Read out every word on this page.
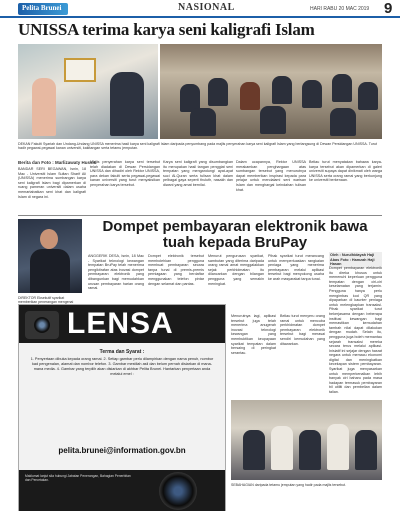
Pelita Brunei	NASIONAL	HARI RABU 20 MAC 2019 9
UNISSA terima karya seni kaligrafi Islam
DEKAN Fakulti Syariah dan Undang-Undang UNISSA menerima hasil karya seni kaligrafi Islam daripada penyumbang pada majlis penyerahan karya seni kaligrafi Islam yang berlangsung di Dewan Persidangan UNISSA. Turut hadir pegawai-pegawai kanan universiti, kakitangan serta tetamu jemputan.
Berita dan Foto : Marlizawaty Hussin
BANDAR SERI BEGAWAN, Isnin, 18 Mac - Universiti Islam Sultan Sharif Ali (UNISSA) menerima sumbangan karya seni kaligrafi Islam bagi dipamerkan di ruang pameran universiti dalam usaha memartabatkan seni khat dan kaligrafi Islam di negara ini.
Majlis penyerahan karya seni tersebut telah diadakan di Dewan Persidangan UNISSA dan dihadiri oleh Rektor UNISSA, para dekan fakulti serta pegawai-pegawai kanan universiti yang turut menyaksikan penyerahan karya tersebut.
Karya seni kaligrafi yang disumbangkan itu merupakan hasil tangan penggiat seni tempatan yang mengandungi ayat-ayat suci Al-Quran serta tulisan khat dalam pelbagai gaya seperti thuluth, nasakh dan diwani yang amat bernilai.
Dalam ucapannya, Rektor UNISSA merakamkan penghargaan atas sumbangan tersebut yang menurutnya dapat memberikan inspirasi kepada para pelajar untuk mendalami seni warisan Islam dan menghargai keindahan tulisan khat.
Beliau turut menyatakan bahawa karya-karya tersebut akan dipamerkan di galeri universiti supaya dapat dinikmati oleh warga UNISSA serta orang ramai yang berkunjung ke universiti berkenaan.
DIREKTOR Eksekutif syarikat memberikan penerangan mengenai
Dompet pembayaran elektronik bawa tuah kepada BruPay
ANGGERIK DESA, Isnin, 18 Mac - Syarikat teknologi kewangan tempatan BruPay telah menerima pengiktirafan atas inovasi dompet pembayaran elektronik yang dibangunkan bagi memudahkan urusan pembayaran harian orang ramai.
Dompet elektronik tersebut membolehkan pengguna membuat pembayaran secara tanpa tunai di premis-premis perniagaan yang berdaftar menggunakan telefon pintar dengan selamat dan pantas.
Menurut pengurusan syarikat, sambutan yang diterima daripada orang ramai amat menggalakkan sejak perkhidmatan itu dilancarkan dengan bilangan pengguna yang semakin meningkat.
Pihak syarikat turut merancang untuk memperluaskan rangkaian peniaga yang menerima pembayaran melalui aplikasi tersebut bagi menyokong usaha ke arah masyarakat tanpa tunai.
Oleh : Nurulhidayah Haji Abas Foto : Hamzah Haji Hasan
Dompet pembayaran elektronik itu direka khusus untuk memenuhi keperluan pengguna tempatan dengan ciri-ciri keselamatan yang terjamin. Pengguna hanya perlu mengimbas kod QR yang dipaparkan di kaunter peniaga untuk melengkapkan transaksi. Pihak syarikat turut bekerjasama dengan beberapa institusi kewangan bagi memastikan kemudahan tambah nilai dapat dilakukan dengan mudah. Selain itu, pengguna juga boleh memantau sejarah transaksi mereka secara terus melalui aplikasi. Inisiatif ini sejajar dengan hasrat negara untuk memacu ekonomi digital dan meningkatkan kecekapan sistem pembayaran. Syarikat juga menyasarkan untuk memperkenalkan lebih banyak ciri baharu pada masa hadapan termasuk pembayaran bil utiliti dan pembelian dalam talian.
LENSA
Terma dan Syarat :
1. Penyertaan dibuka kepada orang ramai. 2. Setiap gambar perlu dilampirkan dengan nama penuh, nombor kad pengenalan, alamat dan nombor telefon. 3. Gambar mestilah asli dan belum pernah disiarkan di mana-mana media. 4. Gambar yang terpilih akan disiarkan di akhbar Pelita Brunei. Hantarkan penyertaan anda melalui emel :
pelita.brunei@information.gov.bn
Maklumat lanjut sila hubungi Jabatan Penerangan, Bahagian Penerbitan dan Percetakan.
Menurutnya lagi, aplikasi tersebut juga telah menerima anugerah inovasi teknologi kewangan yang membuktikan keupayaan syarikat tempatan dalam bersaing di peringkat serantau.
Beliau turut menyeru orang ramai untuk mencuba perkhidmatan dompet pembayaran elektronik tersebut bagi merasai sendiri kemudahan yang ditawarkan.
SEBAHAGIAN daripada tetamu jemputan yang hadir pada majlis tersebut.
